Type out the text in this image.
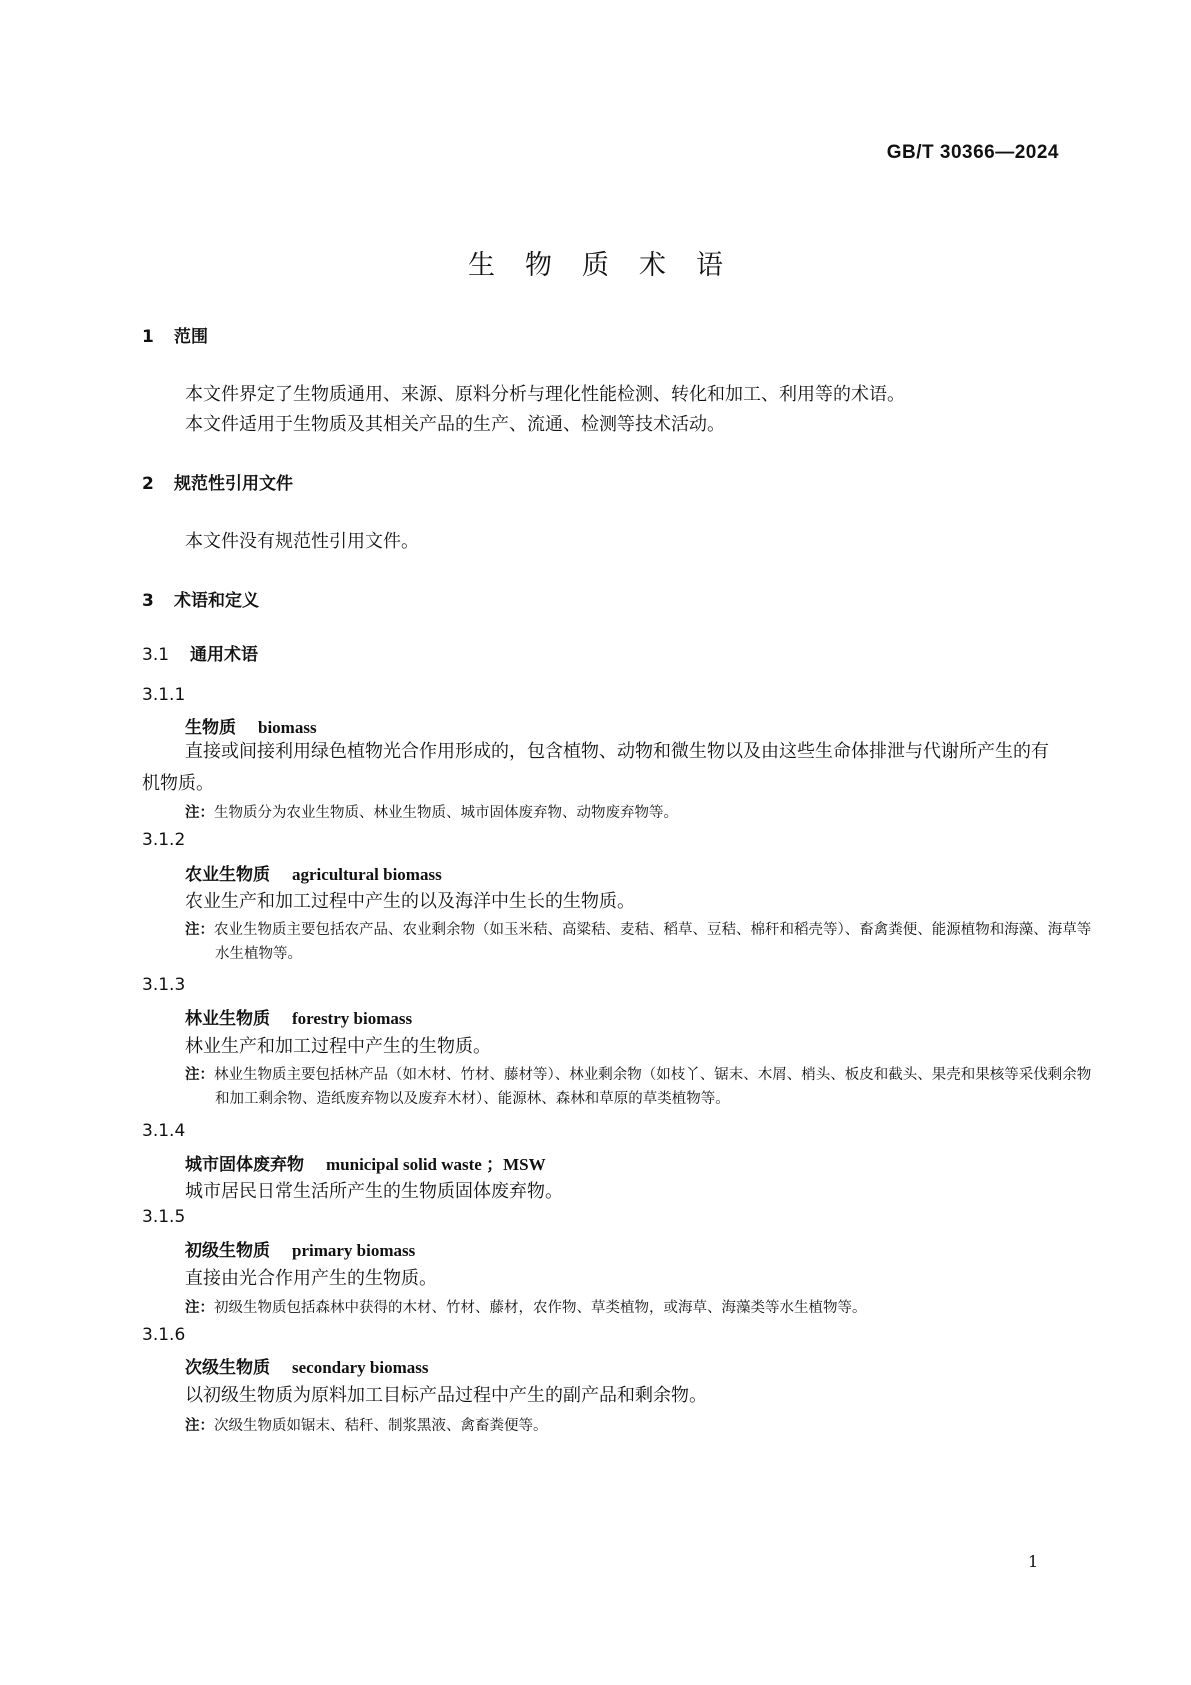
GB/T 30366—2024
生物质术语
1 范围
本文件界定了生物质通用、来源、原料分析与理化性能检测、转化和加工、利用等的术语。
本文件适用于生物质及其相关产品的生产、流通、检测等技术活动。
2 规范性引用文件
本文件没有规范性引用文件。
3 术语和定义
3.1 通用术语
3.1.1
生物质 biomass
直接或间接利用绿色植物光合作用形成的，包含植物、动物和微生物以及由这些生命体排泄与代谢所产生的有机物质。
注：生物质分为农业生物质、林业生物质、城市固体废弃物、动物废弃物等。
3.1.2
农业生物质 agricultural biomass
农业生产和加工过程中产生的以及海洋中生长的生物质。
注：农业生物质主要包括农产品、农业剩余物（如玉米秸、高粱秸、麦秸、稻草、豆秸、棉秆和稻壳等）、畜禽粪便、能源植物和海藻、海草等水生植物等。
3.1.3
林业生物质 forestry biomass
林业生产和加工过程中产生的生物质。
注：林业生物质主要包括林产品（如木材、竹材、藤材等）、林业剩余物（如枝丫、锯末、木屑、梢头、板皮和截头、果壳和果核等采伐剩余物和加工剩余物、造纸废弃物以及废弃木材）、能源林、森林和草原的草类植物等。
3.1.4
城市固体废弃物 municipal solid waste ；MSW
城市居民日常生活所产生的生物质固体废弃物。
3.1.5
初级生物质 primary biomass
直接由光合作用产生的生物质。
注：初级生物质包括森林中获得的木材、竹材、藤材，农作物、草类植物，或海草、海藻类等水生植物等。
3.1.6
次级生物质 secondary biomass
以初级生物质为原料加工目标产品过程中产生的副产品和剩余物。
注：次级生物质如锯末、秸秆、制浆黑液、禽畜粪便等。
1
